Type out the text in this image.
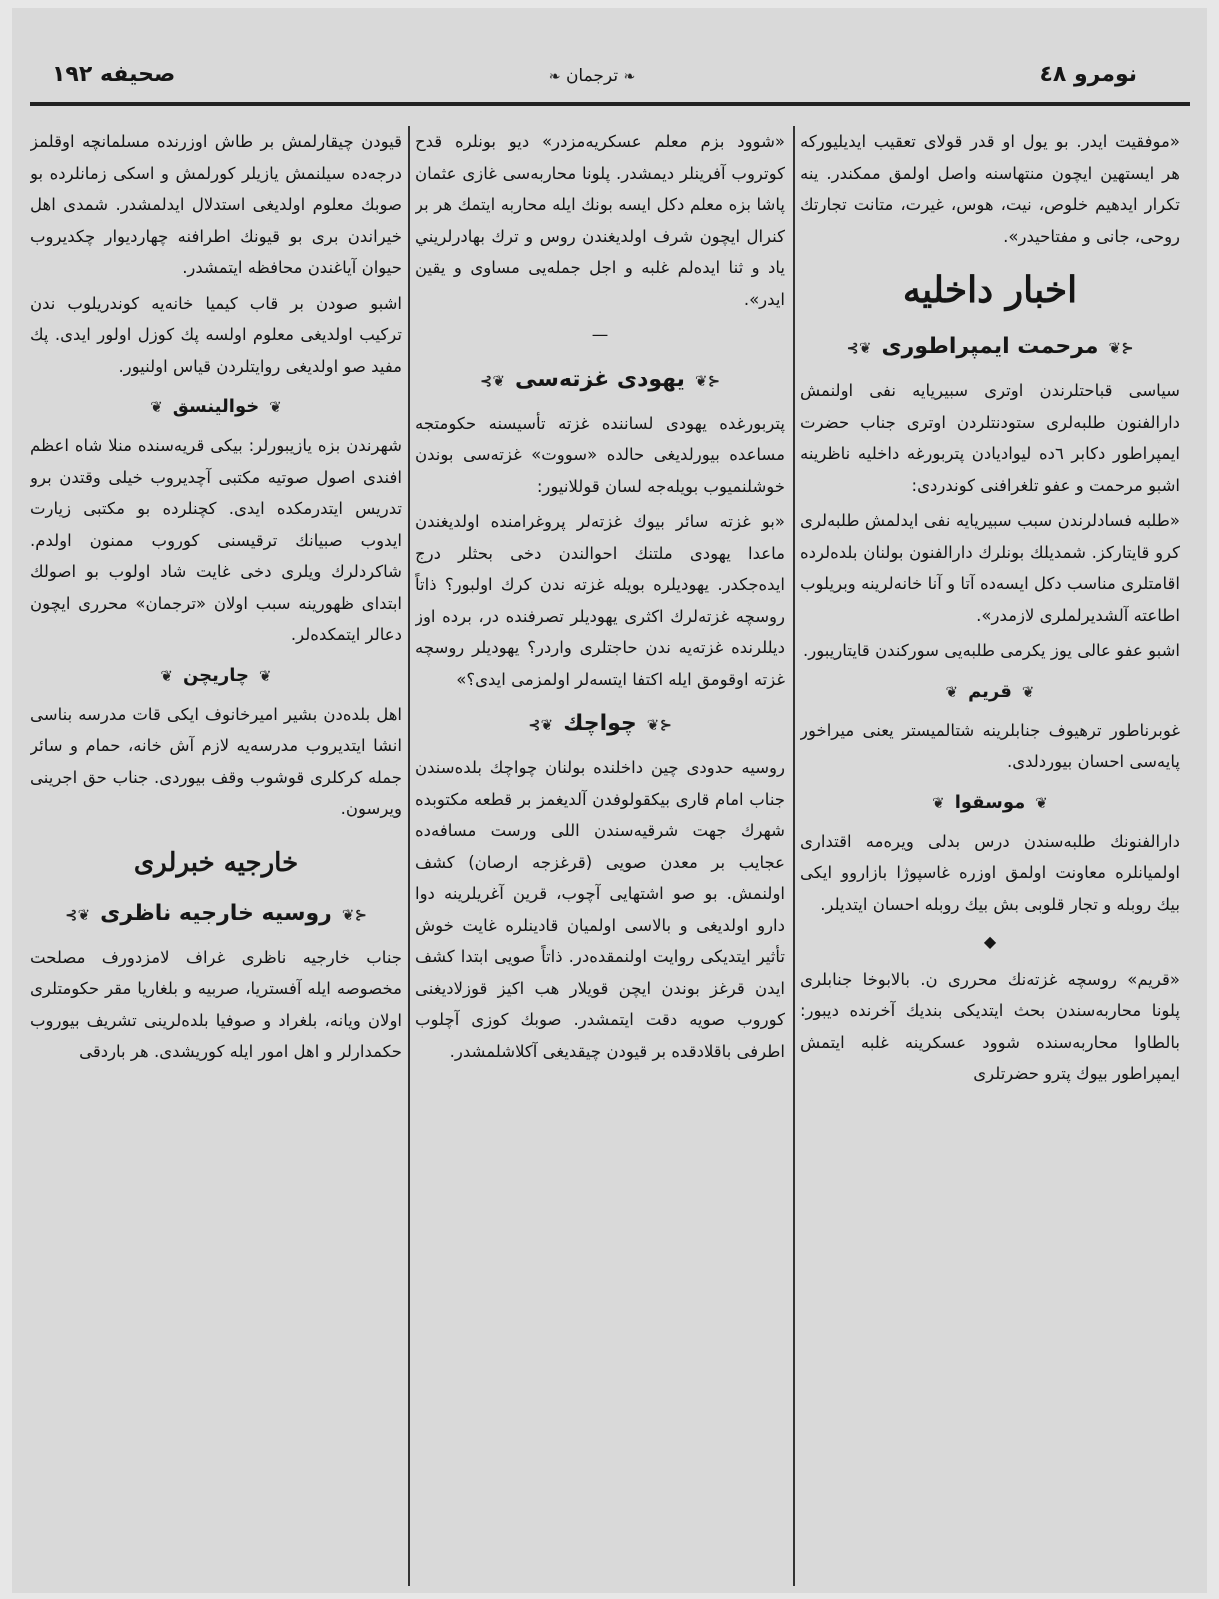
نومرو ٤٨
❧ ترجمان ❧
صحيفه ١٩٢

«موفقيت ايدر. بو يول او قدر قولاى تعقيب ايديليوركه هر ايستهين ايچون منتهاسنه واصل اولمق ممكندر. ينه تكرار ايدهيم خلوص، نيت، هوس، غيرت، متانت تجارتك روحى، جانى و مفتاحيدر».

اخبار داخليه
⊰❦مرحمت ايمپراطورى❦⊱

سياسى قباحتلرندن اوترى سبيريايه نفى اولنمش دارالفنون طلبه‌لرى ستودنتلردن اوترى جناب حضرت ايمپراطور دكابر ٦ده ليواديادن پتربورغه داخليه ناظرينه اشبو مرحمت و عفو تلغرافنى كوندردى:

«طلبه فسادلرندن سبب سبيريايه نفى ايدلمش طلبه‌لرى كرو قايتاركز. شمديلك بونلرك دارالفنون بولنان بلده‌لرده اقامتلرى مناسب دكل ايسه‌ده آتا و آنا خانه‌لرينه وبريلوب اطاعته آلشديرلملرى لازمدر».

اشبو عفو عالى يوز يكرمى طلبه‌يى سوركندن قايتاريبور.

❦قريم❦

غوبرناطور ترهيوف جنابلرينه شتالميستر يعنى ميراخور پايه‌سى احسان بيوردلدى.

❦موسقوا❦

دارالفنونك طلبه‌سندن درس بدلى ويره‌مه اقتدارى اولميانلره معاونت اولمق اوزره غاسپوژا بازاروو ايكى بيك روبله و تجار قلوبى بش بيك روبله احسان ايتديلر.

◆

«قريم» روسچه غزته‌نك محررى ن. بالابوخا جنابلرى پلونا محاربه‌سندن بحث ايتديكى بنديك آخرنده ديبور: بالطاوا محاربه‌سنده شوود عسكرينه غلبه ايتمش ايمپراطور بيوك پترو حضرتلرى

«شوود بزم معلم عسكريه‌مزدر» ديو بونلره قدح كوتروب آفرينلر ديمشدر. پلونا محاربه‌سى غازى عثمان پاشا بزه معلم دكل ايسه بونك ايله محاربه ايتمك هر بر كنرال ايچون شرف اولديغندن روس و ترك بهادرلريني ياد و ثنا ايده‌لم غلبه و اجل جمله‌يى مساوى و يقين ايدر».

—
⊰❦يهودى غزته‌سى❦⊱

پتربورغده يهودى لساننده غزته تأسيسنه حكومتجه مساعده بيورلديغى حالده «سووت» غزته‌سى بوندن خوشلنميوب بويله‌جه لسان قوللانيور:

«بو غزته سائر بيوك غزته‌لر پروغرامنده اولديغندن ماعدا يهودى ملتنك احوالندن دخى بحثلر درج ايده‌جكدر. يهوديلره بويله غزته ندن كرك اولبور؟ ذاتاً روسچه غزته‌لرك اكثرى يهوديلر تصرفنده در، برده اوز ديللرنده غزته‌يه ندن حاجتلرى واردر؟ يهوديلر روسچه غزته اوقومق ايله اكتفا ايتسه‌لر اولمزمى ايدى؟»

⊰❦چواچك❦⊱

روسيه حدودى چين داخلنده بولنان چواچك بلده‌سندن جناب امام قارى بيكقولوفدن آلديغمز بر قطعه مكتوبده شهرك جهت شرقيه‌سندن اللى ورست مسافه‌ده عجايب بر معدن صويى (قرغزجه ارصان) كشف اولنمش. بو صو اشتهايى آچوب، قرين آغريلرينه دوا دارو اولديغى و بالاسى اولميان قادينلره غايت خوش تأثير ايتديكى روايت اولنمقده‌در. ذاتاً صويى ابتدا كشف ايدن قرغز بوندن ايچن قويلار هب اكيز قوزلاديغنى كوروب صويه دقت ايتمشدر. صوبك كوزى آچلوب اطرفى باقلادقده بر قيودن چيقديغى آكلاشلمشدر.

قيودن چيقارلمش بر طاش اوزرنده مسلمانچه اوقلمز درجه‌ده سيلنمش يازيلر كورلمش و اسكى زمانلرده بو صوبك معلوم اولديغى استدلال ايدلمشدر. شمدى اهل خيراندن برى بو قيونك اطرافنه چهارديوار چكديروب حيوان آياغندن محافظه ايتمشدر.

اشبو صودن بر قاب كيميا خانه‌يه كوندريلوب ندن تركيب اولديغى معلوم اولسه پك كوزل اولور ايدى. پك مفيد صو اولديغى روايتلردن قياس اولنيور.

❦خوالينسق❦

شهرندن بزه يازيبورلر: بيكى قريه‌سنده منلا شاه اعظم افندى اصول صوتيه مكتبى آچديروب خيلى وقتدن برو تدريس ايتدرمكده ايدى. كچنلرده بو مكتبى زيارت ايدوب صبيانك ترقيسنى كوروب ممنون اولدم. شاكردلرك ويلرى دخى غايت شاد اولوب بو اصولك ابتداى ظهورينه سبب اولان «ترجمان» محررى ايچون دعالر ايتمكده‌لر.

❦چاريچن❦

اهل بلده‌دن بشير اميرخانوف ايكى قات مدرسه بناسى انشا ايتديروب مدرسه‌يه لازم آش خانه، حمام و سائر جمله كركلرى قوشوب وقف بيوردى. جناب حق اجرينى ويرسون.

خارجيه خبرلرى
⊰❦روسيه خارجيه ناظرى❦⊱

جناب خارجيه ناظرى غراف لامزدورف مصلحت مخصوصه ايله آفستريا، صربيه و بلغاريا مقر حكومتلرى اولان ويانه، بلغراد و صوفيا بلده‌لرينى تشريف بيوروب حكمدارلر و اهل امور ايله كوريشدى. هر باردقى
